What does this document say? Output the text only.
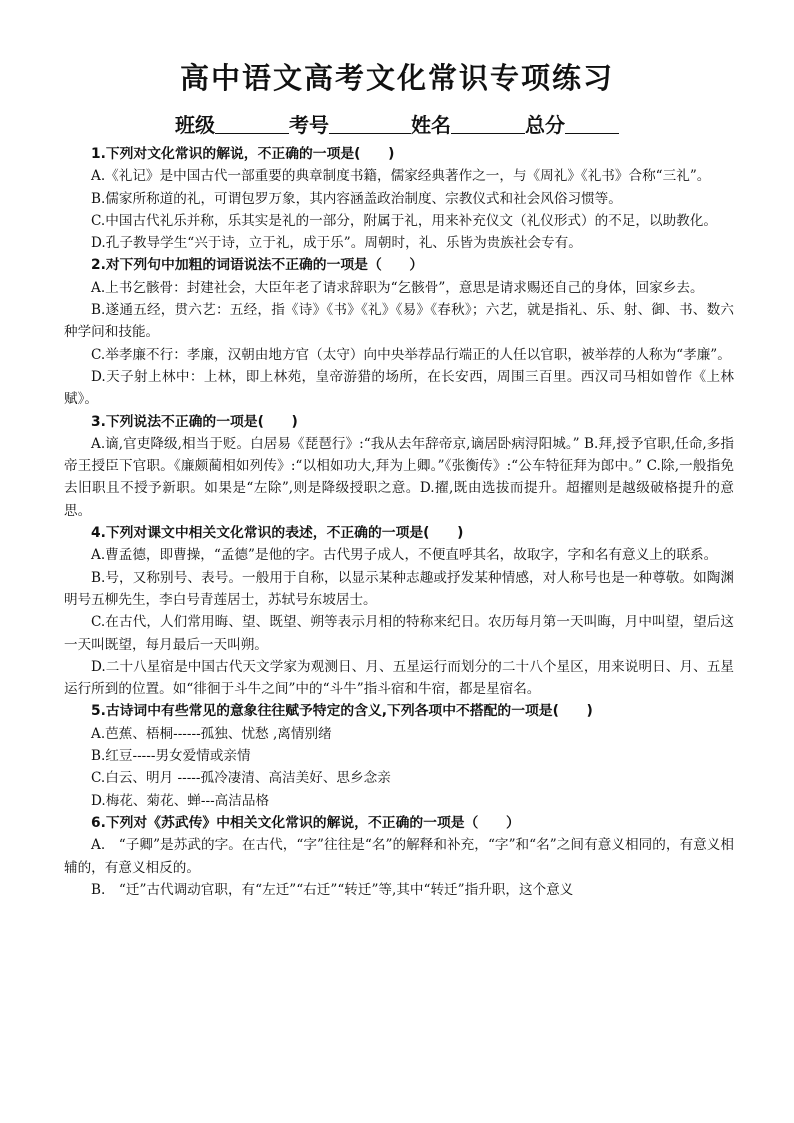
高中语文高考文化常识专项练习
班级	考号	姓名	总分

1.下列对文化常识的解说，不正确的一项是(　　)

A.《礼记》是中国古代一部重要的典章制度书籍，儒家经典著作之一，与《周礼》《礼书》合称“三礼”。

B.儒家所称道的礼，可谓包罗万象，其内容涵盖政治制度、宗教仪式和社会风俗习惯等。

C.中国古代礼乐并称，乐其实是礼的一部分，附属于礼，用来补充仪文（礼仪形式）的不足，以助教化。

D.孔子教导学生“兴于诗，立于礼，成于乐”。周朝时，礼、乐皆为贵族社会专有。

2.对下列句中加粗的词语说法不正确的一项是（　　）

A.上书乞骸骨：封建社会，大臣年老了请求辞职为“乞骸骨”，意思是请求赐还自己的身体，回家乡去。

B.遂通五经，贯六艺：五经，指《诗》《书》《礼》《易》《春秋》；六艺，就是指礼、乐、射、御、书、数六种学问和技能。

C.举孝廉不行：孝廉，汉朝由地方官（太守）向中央举荐品行端正的人任以官职，被举荐的人称为“孝廉”。

D.天子射上林中：上林，即上林苑，皇帝游猎的场所，在长安西，周围三百里。西汉司马相如曾作《上林赋》。

3.下列说法不正确的一项是(　　)

A.谪,官吏降级,相当于贬。白居易《琵琶行》:“我从去年辞帝京,谪居卧病浔阳城。” B.拜,授予官职,任命,多指帝王授臣下官职。《廉颇蔺相如列传》:“以相如功大,拜为上卿。”《张衡传》:“公车特征拜为郎中。” C.除,一般指免去旧职且不授予新职。如果是“左除”,则是降级授职之意。D.擢,既由选拔而提升。超擢则是越级破格提升的意思。

4.下列对课文中相关文化常识的表述，不正确的一项是(　　)

A.曹孟德，即曹操，“孟德”是他的字。古代男子成人，不便直呼其名，故取字，字和名有意义上的联系。

B.号，又称别号、表号。一般用于自称，以显示某种志趣或抒发某种情感，对人称号也是一种尊敬。如陶渊明号五柳先生，李白号青莲居士，苏轼号东坡居士。

C.在古代，人们常用晦、望、既望、朔等表示月相的特称来纪日。农历每月第一天叫晦，月中叫望，望后这一天叫既望，每月最后一天叫朔。

D.二十八星宿是中国古代天文学家为观测日、月、五星运行而划分的二十八个星区，用来说明日、月、五星运行所到的位置。如“徘徊于斗牛之间”中的“斗牛”指斗宿和牛宿，都是星宿名。

5.古诗词中有些常见的意象往往赋予特定的含义,下列各项中不搭配的一项是(　　)

A.芭蕉、梧桐------孤独、忧愁 ,离情别绪

B.红豆-----男女爱情或亲情

C.白云、明月 -----孤冷凄清、高洁美好、思乡念亲

D.梅花、菊花、蝉---高洁品格

6.下列对《苏武传》中相关文化常识的解说，不正确的一项是（　　）

A.　“子卿”是苏武的字。在古代，“字”往往是“名”的解释和补充，“字”和“名”之间有意义相同的，有意义相辅的，有意义相反的。

B.　“迁”古代调动官职，有“左迁”“右迁”“转迁”等,其中“转迁”指升职，这个意义
